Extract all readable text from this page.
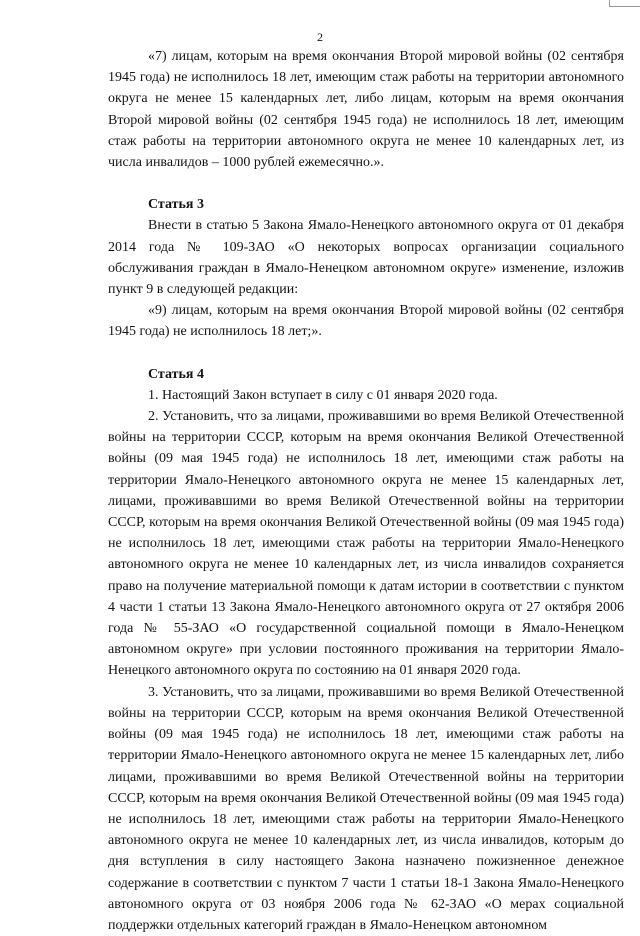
2

«7) лицам, которым на время окончания Второй мировой войны (02 сентября 1945 года) не исполнилось 18 лет, имеющим стаж работы на территории автономного округа не менее 15 календарных лет, либо лицам, которым на время окончания Второй мировой войны (02 сентября 1945 года) не исполнилось 18 лет, имеющим стаж работы на территории автономного округа не менее 10 календарных лет, из числа инвалидов – 1000 рублей ежемесячно.».

Статья 3

Внести в статью 5 Закона Ямало-Ненецкого автономного округа от 01 декабря 2014 года № 109-ЗАО «О некоторых вопросах организации социального обслуживания граждан в Ямало-Ненецком автономном округе» изменение, изложив пункт 9 в следующей редакции:

«9) лицам, которым на время окончания Второй мировой войны (02 сентября 1945 года) не исполнилось 18 лет;».

Статья 4

1. Настоящий Закон вступает в силу с 01 января 2020 года.

2. Установить, что за лицами, проживавшими во время Великой Отечественной войны на территории СССР, которым на время окончания Великой Отечественной войны (09 мая 1945 года) не исполнилось 18 лет, имеющими стаж работы на территории Ямало-Ненецкого автономного округа не менее 15 календарных лет, лицами, проживавшими во время Великой Отечественной войны на территории СССР, которым на время окончания Великой Отечественной войны (09 мая 1945 года) не исполнилось 18 лет, имеющими стаж работы на территории Ямало-Ненецкого автономного округа не менее 10 календарных лет, из числа инвалидов сохраняется право на получение материальной помощи к датам истории в соответствии с пунктом 4 части 1 статьи 13 Закона Ямало-Ненецкого автономного округа от 27 октября 2006 года № 55-ЗАО «О государственной социальной помощи в Ямало-Ненецком автономном округе» при условии постоянного проживания на территории Ямало-Ненецкого автономного округа по состоянию на 01 января 2020 года.

3. Установить, что за лицами, проживавшими во время Великой Отечественной войны на территории СССР, которым на время окончания Великой Отечественной войны (09 мая 1945 года) не исполнилось 18 лет, имеющими стаж работы на территории Ямало-Ненецкого автономного округа не менее 15 календарных лет, либо лицами, проживавшими во время Великой Отечественной войны на территории СССР, которым на время окончания Великой Отечественной войны (09 мая 1945 года) не исполнилось 18 лет, имеющими стаж работы на территории Ямало-Ненецкого автономного округа не менее 10 календарных лет, из числа инвалидов, которым до дня вступления в силу настоящего Закона назначено пожизненное денежное содержание в соответствии с пунктом 7 части 1 статьи 18-1 Закона Ямало-Ненецкого автономного округа от 03 ноября 2006 года № 62-ЗАО «О мерах социальной поддержки отдельных категорий граждан в Ямало-Ненецком автономном
